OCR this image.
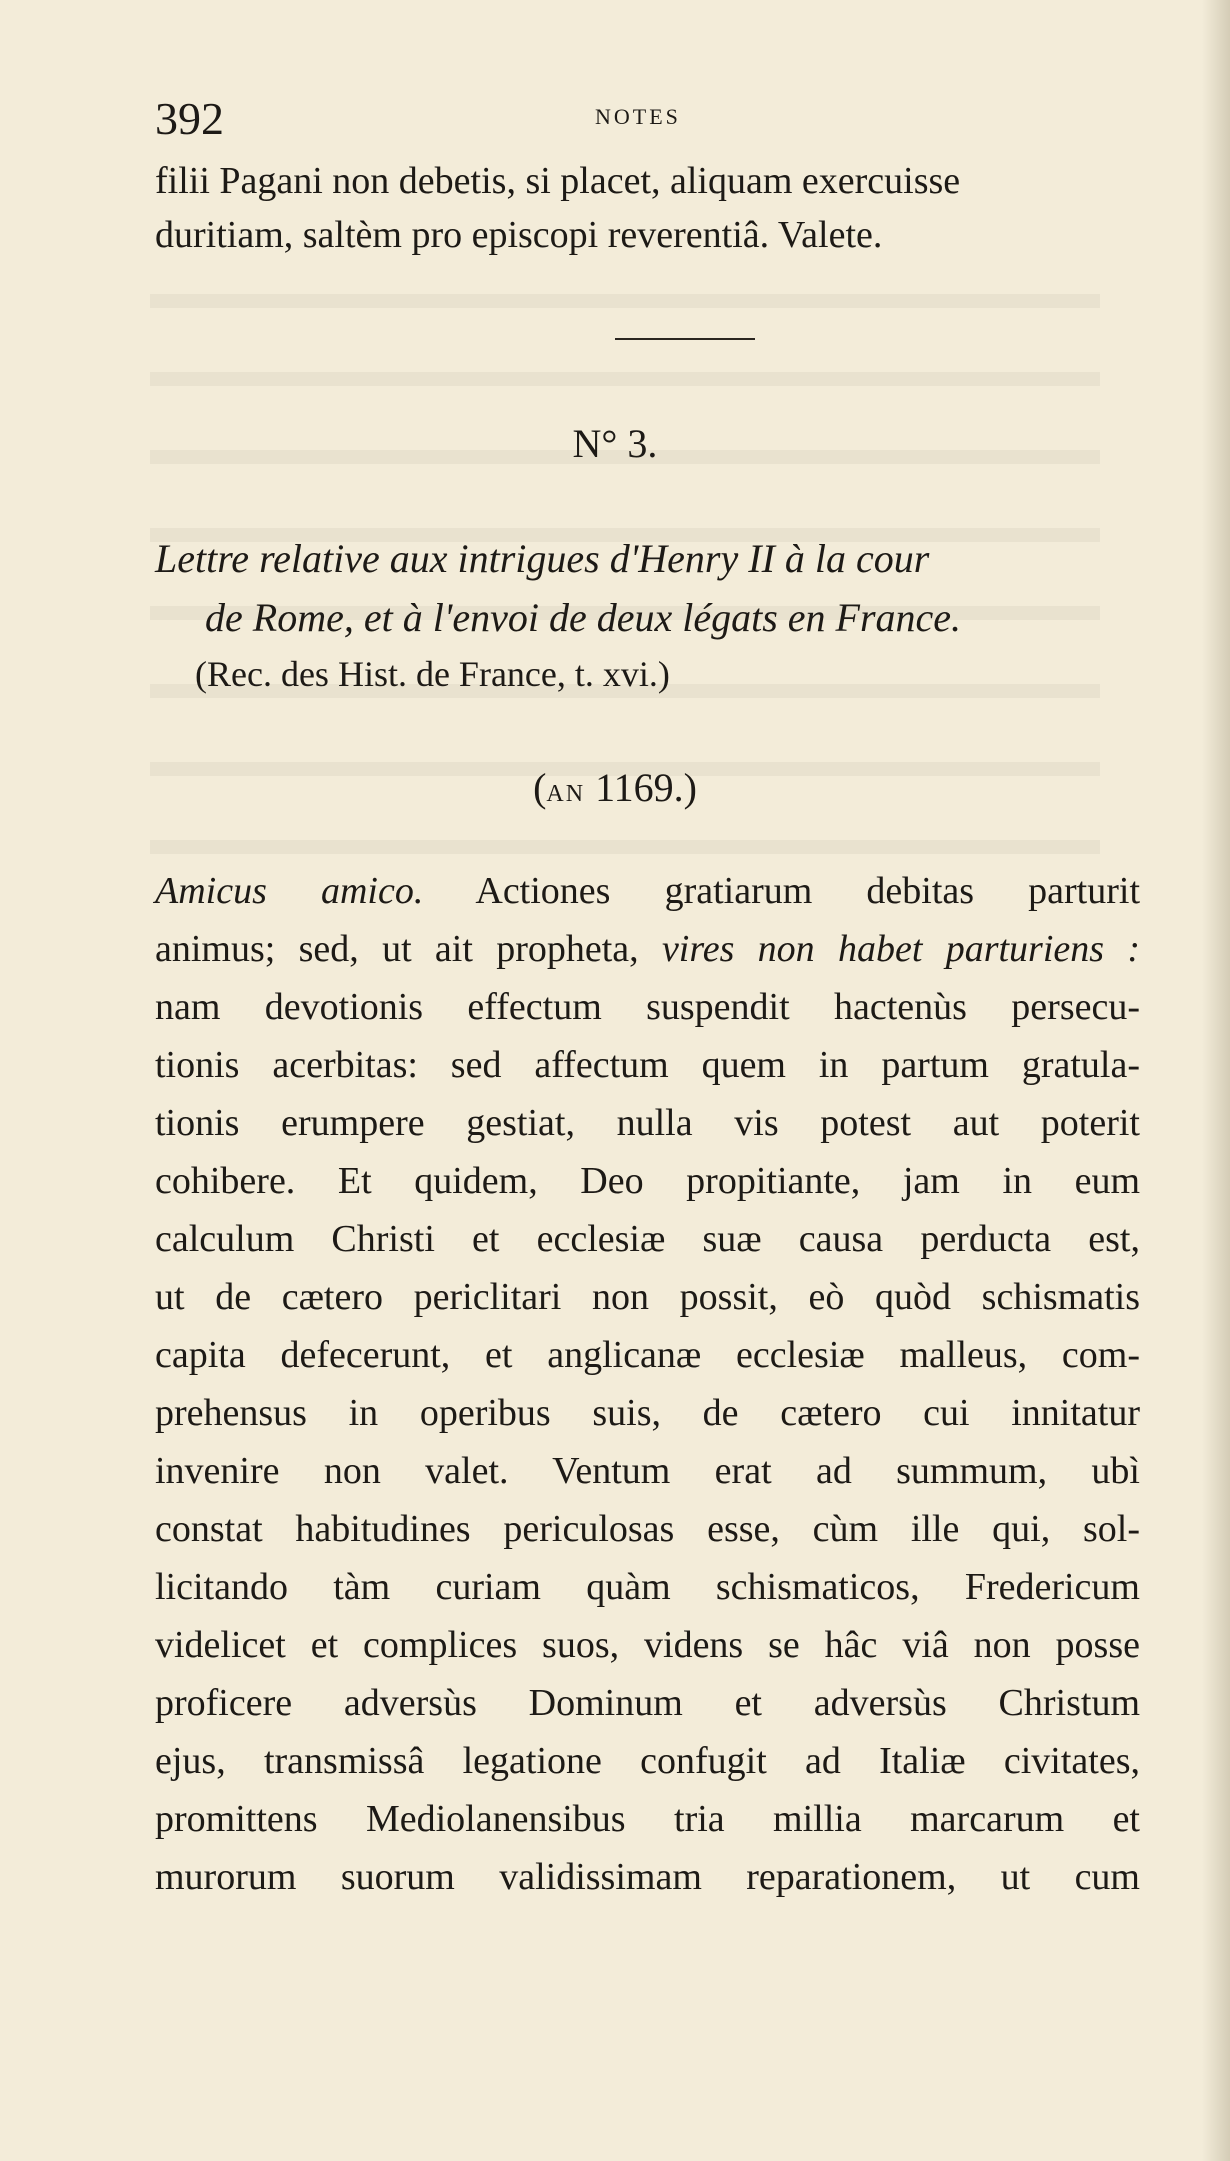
392	NOTES
filii Pagani non debetis, si placet, aliquam exercuisse
duritiam, saltèm pro episcopi reverentiâ. Valete.
N° 3.
Lettre relative aux intrigues d'Henry II à la cour
de Rome, et à l'envoi de deux légats en France.
(Rec. des Hist. de France, t. xvi.)
(AN 1169.)
Amicus amico. Actiones gratiarum debitas parturit
animus; sed, ut ait propheta, vires non habet parturiens :
nam devotionis effectum suspendit hactenùs persecu-
tionis acerbitas: sed affectum quem in partum gratula-
tionis erumpere gestiat, nulla vis potest aut poterit
cohibere. Et quidem, Deo propitiante, jam in eum
calculum Christi et ecclesiæ suæ causa perducta est,
ut de cætero periclitari non possit, eò quòd schismatis
capita defecerunt, et anglicanæ ecclesiæ malleus, com-
prehensus in operibus suis, de cætero cui innitatur
invenire non valet. Ventum erat ad summum, ubì
constat habitudines periculosas esse, cùm ille qui, sol-
licitando tàm curiam quàm schismaticos, Fredericum
videlicet et complices suos, videns se hâc viâ non posse
proficere adversùs Dominum et adversùs Christum
ejus, transmissâ legatione confugit ad Italiæ civitates,
promittens Mediolanensibus tria millia marcarum et
murorum suorum validissimam reparationem, ut cum
